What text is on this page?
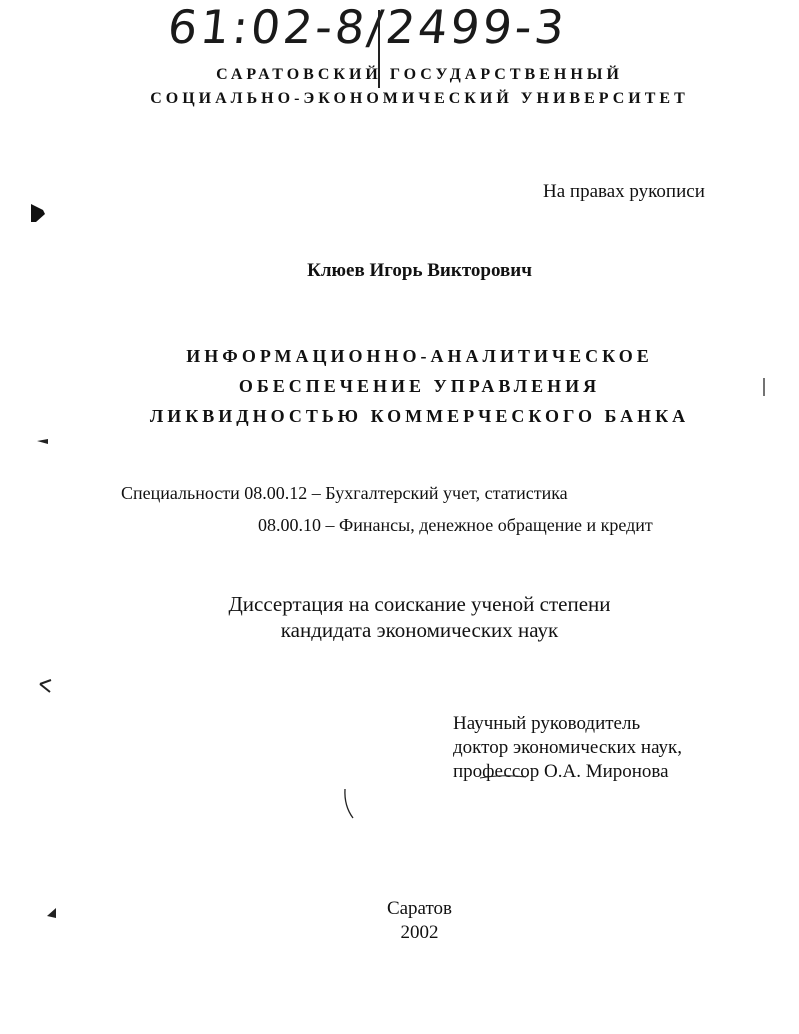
61:02-8/2499-3
САРАТОВСКИЙ ГОСУДАРСТВЕННЫЙ
СОЦИАЛЬНО-ЭКОНОМИЧЕСКИЙ УНИВЕРСИТЕТ
На правах рукописи
Клюев Игорь Викторович
ИНФОРМАЦИОННО-АНАЛИТИЧЕСКОЕ
ОБЕСПЕЧЕНИЕ УПРАВЛЕНИЯ
ЛИКВИДНОСТЬЮ КОММЕРЧЕСКОГО БАНКА
Специальности 08.00.12 – Бухгалтерский учет, статистика
08.00.10 – Финансы, денежное обращение и кредит
Диссертация на соискание ученой степени
кандидата экономических наук
Научный руководитель
доктор экономических наук,
профессор О.А. Миронова
Саратов
2002
